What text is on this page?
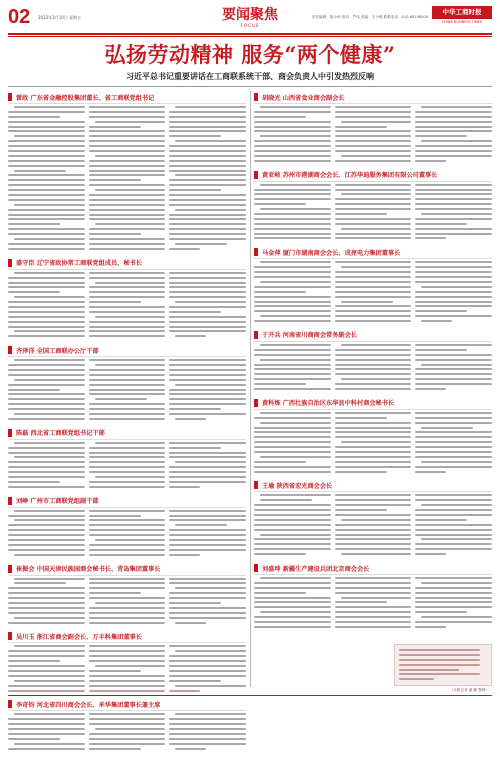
02 2023年3月10日 星期五	要闻聚焦
FOCUS
责任编辑：陈小雨 校对：严伟 美编：王小明 联系电话：010-68198000
中华工商时报
CHINA BUSINESS TIMES
弘扬劳动精神 服务“两个健康”
习近平总书记重要讲话在工商联系统干部、商会负责人中引发热烈反响
雷政 广东省金融控股集团董长、省工商联党组书记
盛守臣 辽宁省政协常工商联党组成员、秘书长
齐泽洋 全国工商联办公厅干部
陈磊 西北省工商联党组书记干部
刘峥 广州市工商联党组副干部
崔振会 中国天津民族园商会秘书长、青岛集团董事长
吴川玉 浙江省商会副会长、万丰科集团董事长
李奇钧 河北省四川商会会长、米华集团董事长兼主席
胡晓光 山西省食业商会副会长
黄亚岐 苏州市港湖商会会长、江苏华迪服务集团有限公司董事长
马金萍 厦门市湖南商会会长、成亮电力集团董事长
于开兵 河南省川商商会常务副会长
黄科炼 广西壮族自治区东华县中科村商会秘书长
王瑜 陕西省宏光商会会长
刘盛坤 新疆生产建设兵团北京商会会长
（本报记者 谢 鹏 整理）
